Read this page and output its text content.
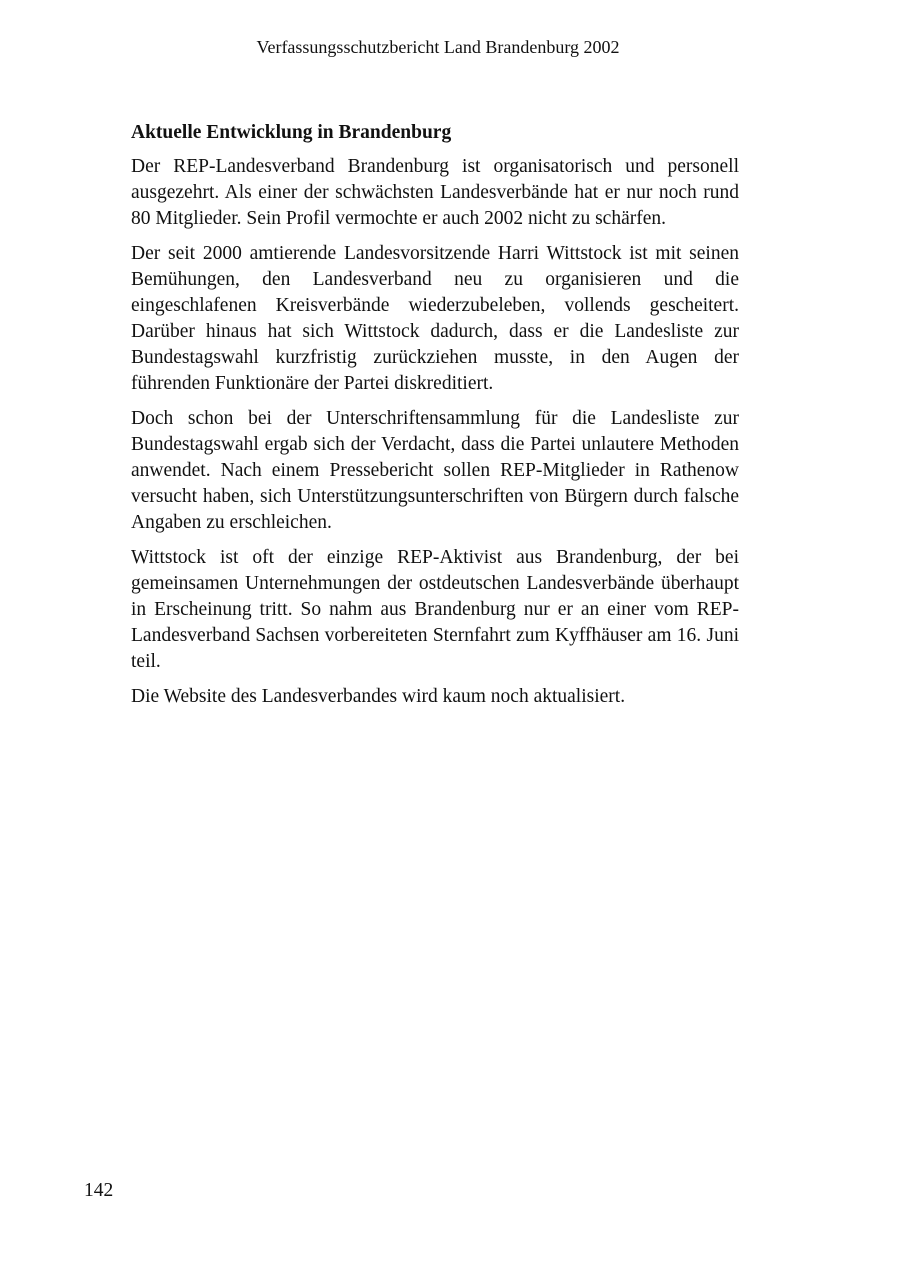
Verfassungsschutzbericht Land Brandenburg 2002
Aktuelle Entwicklung in Brandenburg

Der REP-Landesverband Brandenburg ist organisatorisch und personell ausgezehrt. Als einer der schwächsten Landesverbände hat er nur noch rund 80 Mitglieder. Sein Profil vermochte er auch 2002 nicht zu schärfen.

Der seit 2000 amtierende Landesvorsitzende Harri Wittstock ist mit seinen Bemühungen, den Landesverband neu zu organisieren und die eingeschlafenen Kreisverbände wiederzubeleben, vollends gescheitert. Darüber hinaus hat sich Wittstock dadurch, dass er die Landesliste zur Bundestagswahl kurzfristig zurückziehen musste, in den Augen der führenden Funktionäre der Partei diskreditiert.

Doch schon bei der Unterschriftensammlung für die Landesliste zur Bundestagswahl ergab sich der Verdacht, dass die Partei unlautere Methoden anwendet. Nach einem Pressebericht sollen REP-Mitglieder in Rathenow versucht haben, sich Unterstützungsunterschriften von Bürgern durch falsche Angaben zu erschleichen.

Wittstock ist oft der einzige REP-Aktivist aus Brandenburg, der bei gemeinsamen Unternehmungen der ostdeutschen Landesverbände überhaupt in Erscheinung tritt. So nahm aus Brandenburg nur er an einer vom REP-Landesverband Sachsen vorbereiteten Sternfahrt zum Kyffhäuser am 16. Juni teil.

Die Website des Landesverbandes wird kaum noch aktualisiert.

142
